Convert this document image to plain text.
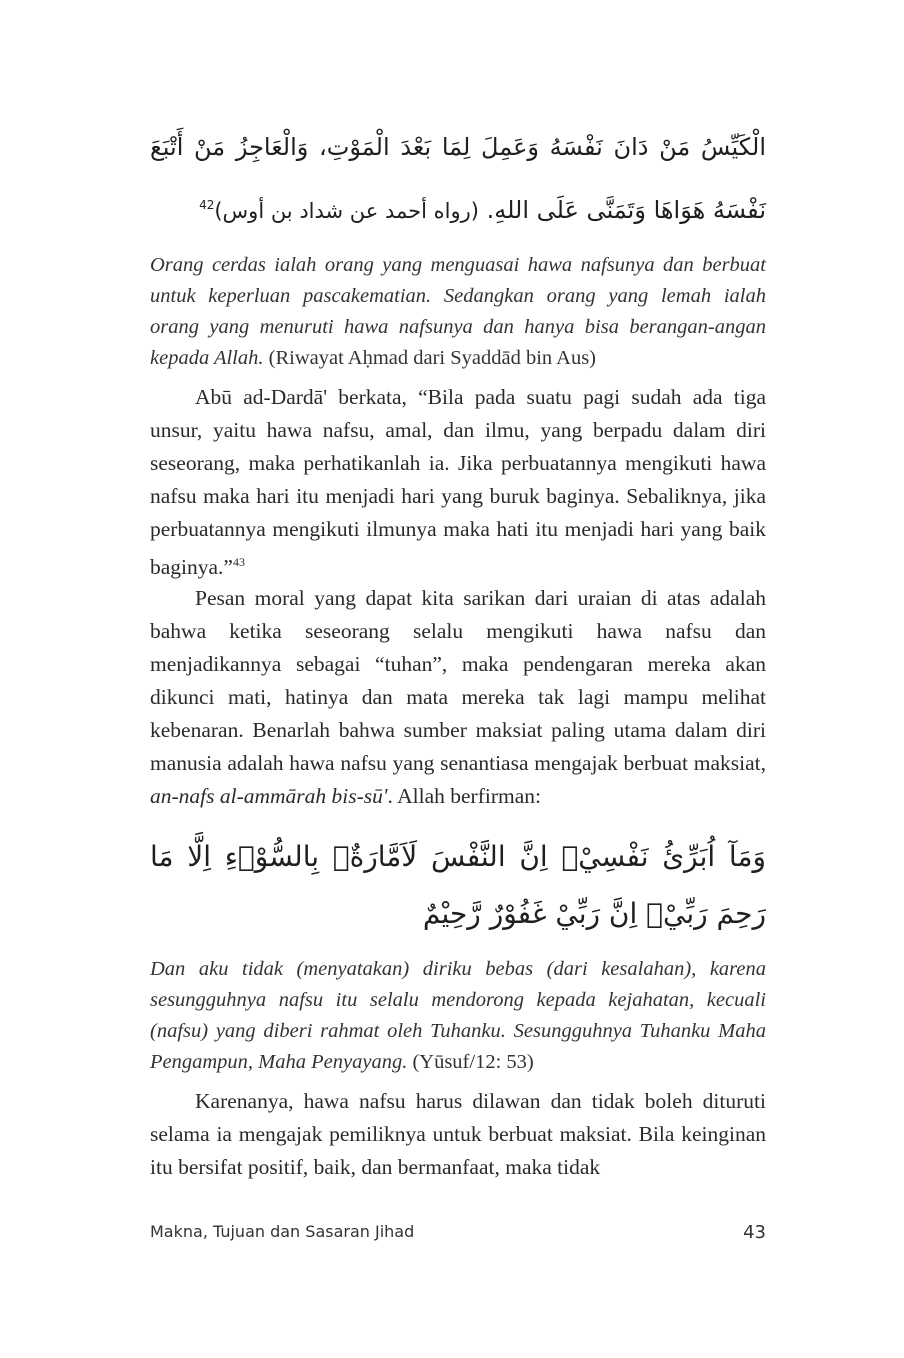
الْكَيِّسُ مَنْ دَانَ نَفْسَهُ وَعَمِلَ لِمَا بَعْدَ الْمَوْتِ، وَالْعَاجِزُ مَنْ أَتْبَعَ نَفْسَهُ هَوَاهَا وَتَمَنَّى عَلَى اللهِ. (رواه أحمد عن شداد بن أوس)$^{42}$
Orang cerdas ialah orang yang menguasai hawa nafsunya dan berbuat untuk keperluan pascakematian. Sedangkan orang yang lemah ialah orang yang menuruti hawa nafsunya dan hanya bisa berangan-angan kepada Allah. (Riwayat Aḥmad dari Syaddād bin Aus)

Abū ad-Dardā' berkata, “Bila pada suatu pagi sudah ada tiga unsur, yaitu hawa nafsu, amal, dan ilmu, yang berpadu dalam diri seseorang, maka perhatikanlah ia. Jika perbuatannya mengikuti hawa nafsu maka hari itu menjadi hari yang buruk baginya. Sebaliknya, jika perbuatannya mengikuti ilmunya maka hati itu menjadi hari yang baik baginya.”$^{43}$

Pesan moral yang dapat kita sarikan dari uraian di atas adalah bahwa ketika seseorang selalu mengikuti hawa nafsu dan menjadikannya sebagai “tuhan”, maka pendengaran mereka akan dikunci mati, hatinya dan mata mereka tak lagi mampu melihat kebenaran. Benarlah bahwa sumber maksiat paling utama dalam diri manusia adalah hawa nafsu yang senantiasa mengajak berbuat maksiat, an-nafs al-ammārah bis-sū'. Allah berfirman:

وَمَآ اُبَرِّئُ نَفْسِيْۚ اِنَّ النَّفْسَ لَاَمَّارَةٌۢ بِالسُّوْۤءِ اِلَّا مَا رَحِمَ رَبِّيْۗ اِنَّ رَبِّيْ غَفُوْرٌ رَّحِيْمٌ
Dan aku tidak (menyatakan) diriku bebas (dari kesalahan), karena sesungguhnya nafsu itu selalu mendorong kepada kejahatan, kecuali (nafsu) yang diberi rahmat oleh Tuhanku. Sesungguhnya Tuhanku Maha Pengampun, Maha Penyayang. (Yūsuf/12: 53)

Karenanya, hawa nafsu harus dilawan dan tidak boleh dituruti selama ia mengajak pemiliknya untuk berbuat maksiat. Bila keinginan itu bersifat positif, baik, dan bermanfaat, maka tidak

Makna, Tujuan dan Sasaran Jihad	43
